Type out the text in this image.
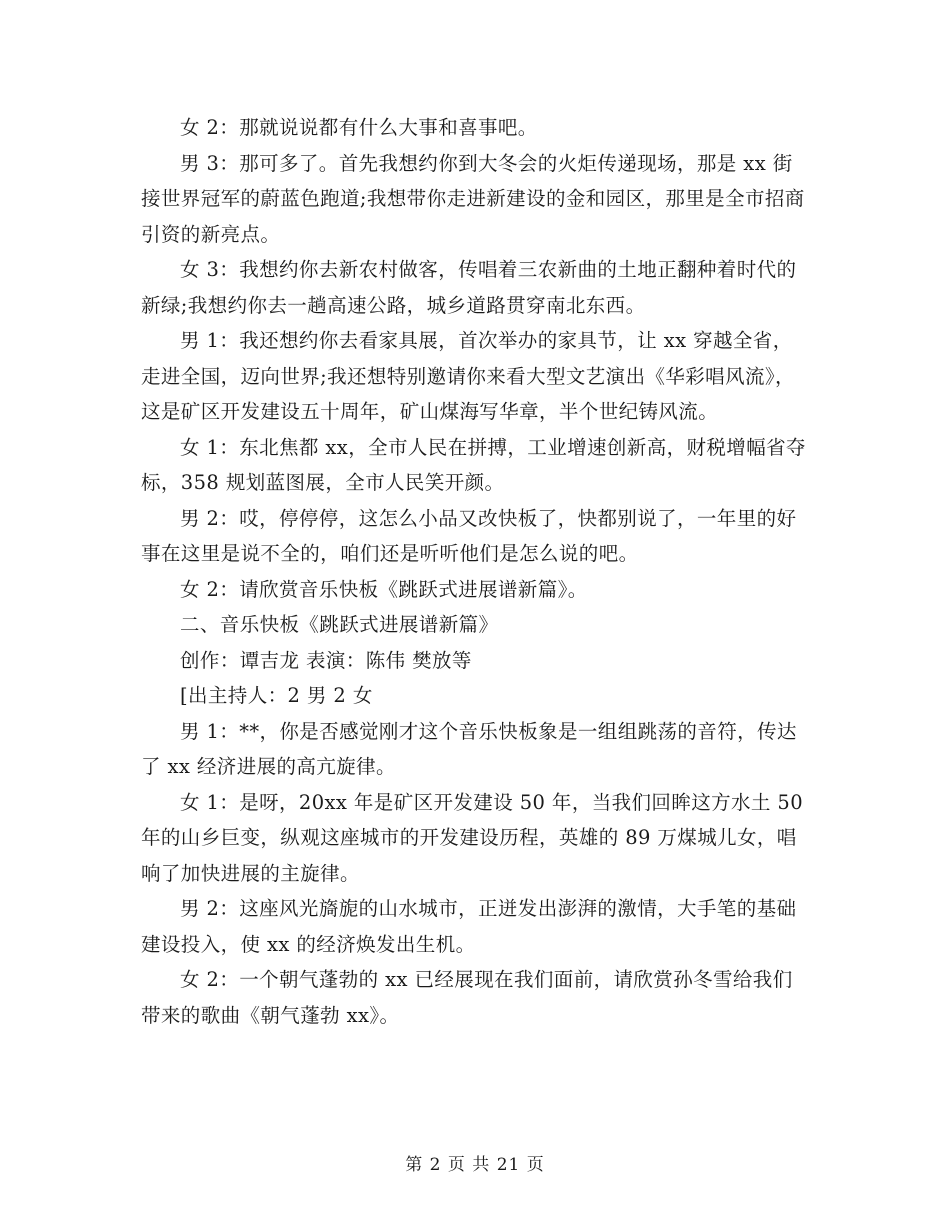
女 2：那就说说都有什么大事和喜事吧。

男 3：那可多了。首先我想约你到大冬会的火炬传递现场，那是 xx 街接世界冠军的蔚蓝色跑道;我想带你走进新建设的金和园区，那里是全市招商引资的新亮点。

女 3：我想约你去新农村做客，传唱着三农新曲的土地正翻种着时代的新绿;我想约你去一趟高速公路，城乡道路贯穿南北东西。

男 1：我还想约你去看家具展，首次举办的家具节，让 xx 穿越全省，走进全国，迈向世界;我还想特别邀请你来看大型文艺演出《华彩唱风流》，这是矿区开发建设五十周年，矿山煤海写华章，半个世纪铸风流。

女 1：东北焦都 xx，全市人民在拼搏，工业增速创新高，财税增幅省夺标，358 规划蓝图展，全市人民笑开颜。

男 2：哎，停停停，这怎么小品又改快板了，快都别说了，一年里的好事在这里是说不全的，咱们还是听听他们是怎么说的吧。

女 2：请欣赏音乐快板《跳跃式进展谱新篇》。

二、音乐快板《跳跃式进展谱新篇》

创作：谭吉龙 表演：陈伟 樊放等

[出主持人：2 男 2 女

男 1：**，你是否感觉刚才这个音乐快板象是一组组跳荡的音符，传达了 xx 经济进展的高亢旋律。

女 1：是呀，20xx 年是矿区开发建设 50 年，当我们回眸这方水土 50 年的山乡巨变，纵观这座城市的开发建设历程，英雄的 89 万煤城儿女，唱响了加快进展的主旋律。

男 2：这座风光旖旎的山水城市，正迸发出澎湃的激情，大手笔的基础建设投入，使 xx 的经济焕发出生机。

女 2：一个朝气蓬勃的 xx 已经展现在我们面前，请欣赏孙冬雪给我们带来的歌曲《朝气蓬勃 xx》。

第 2 页 共 21 页
